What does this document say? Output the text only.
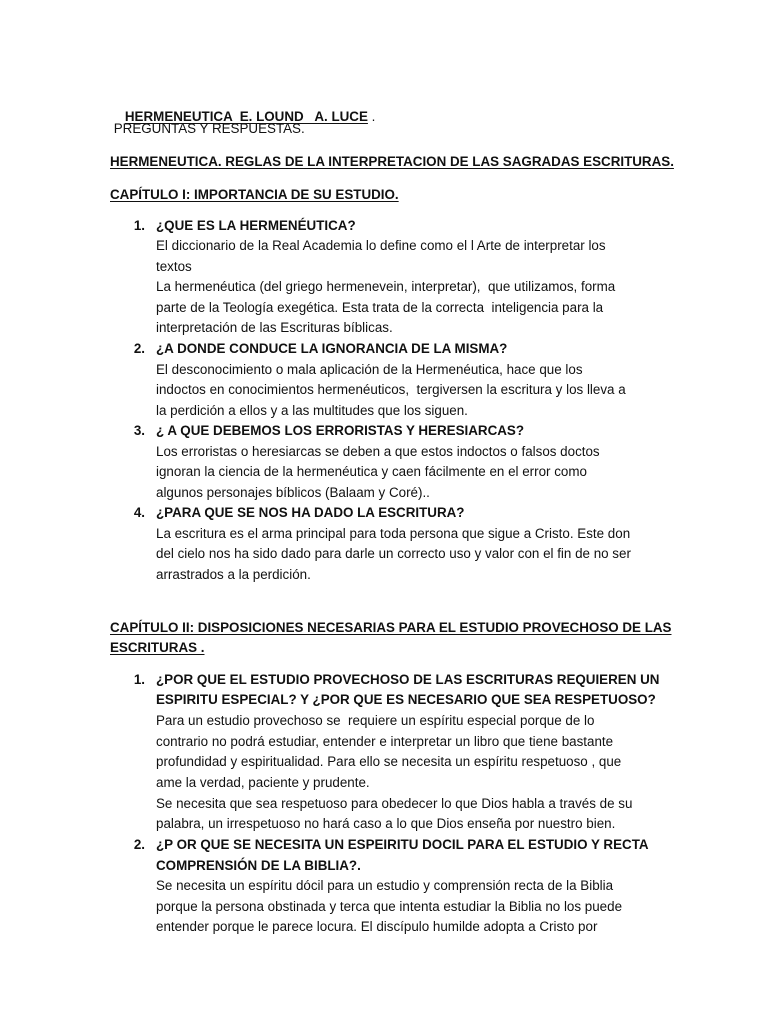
HERMENEUTICA  E. LOUND   A. LUCE .

PREGUNTAS Y RESPUESTAS.
HERMENEUTICA. REGLAS DE LA INTERPRETACION DE LAS SAGRADAS ESCRITURAS.
CAPÍTULO I: IMPORTANCIA DE SU ESTUDIO.
1. ¿QUE ES LA HERMENÉUTICA?
El diccionario de la Real Academia lo define como el l Arte de interpretar los
textos
La hermenéutica (del griego hermenevein, interpretar),  que utilizamos, forma
parte de la Teología exegética. Esta trata de la correcta  inteligencia para la
interpretación de las Escrituras bíblicas.
2. ¿A DONDE CONDUCE LA IGNORANCIA DE LA MISMA?
El desconocimiento o mala aplicación de la Hermenéutica, hace que los
indoctos en conocimientos hermenéuticos,  tergiversen la escritura y los lleva a
la perdición a ellos y a las multitudes que los siguen.
3. ¿ A QUE DEBEMOS LOS ERRORISTAS Y HERESIARCAS?
Los erroristas o heresiarcas se deben a que estos indoctos o falsos doctos
ignoran la ciencia de la hermenéutica y caen fácilmente en el error como
algunos personajes bíblicos (Balaam y Coré)..
4. ¿PARA QUE SE NOS HA DADO LA ESCRITURA?
La escritura es el arma principal para toda persona que sigue a Cristo. Este don
del cielo nos ha sido dado para darle un correcto uso y valor con el fin de no ser
arrastrados a la perdición.
CAPÍTULO II: DISPOSICIONES NECESARIAS PARA EL ESTUDIO PROVECHOSO DE LAS
ESCRITURAS .
1. ¿POR QUE EL ESTUDIO PROVECHOSO DE LAS ESCRITURAS REQUIEREN UN
ESPIRITU ESPECIAL? Y ¿POR QUE ES NECESARIO QUE SEA RESPETUOSO?
Para un estudio provechoso se  requiere un espíritu especial porque de lo
contrario no podrá estudiar, entender e interpretar un libro que tiene bastante
profundidad y espiritualidad. Para ello se necesita un espíritu respetuoso , que
ame la verdad, paciente y prudente.
Se necesita que sea respetuoso para obedecer lo que Dios habla a través de su
palabra, un irrespetuoso no hará caso a lo que Dios enseña por nuestro bien.
2. ¿P OR QUE SE NECESITA UN ESPEIRITU DOCIL PARA EL ESTUDIO Y RECTA
COMPRENSIÓN DE LA BIBLIA?.
Se necesita un espíritu dócil para un estudio y comprensión recta de la Biblia
porque la persona obstinada y terca que intenta estudiar la Biblia no los puede
entender porque le parece locura. El discípulo humilde adopta a Cristo por
